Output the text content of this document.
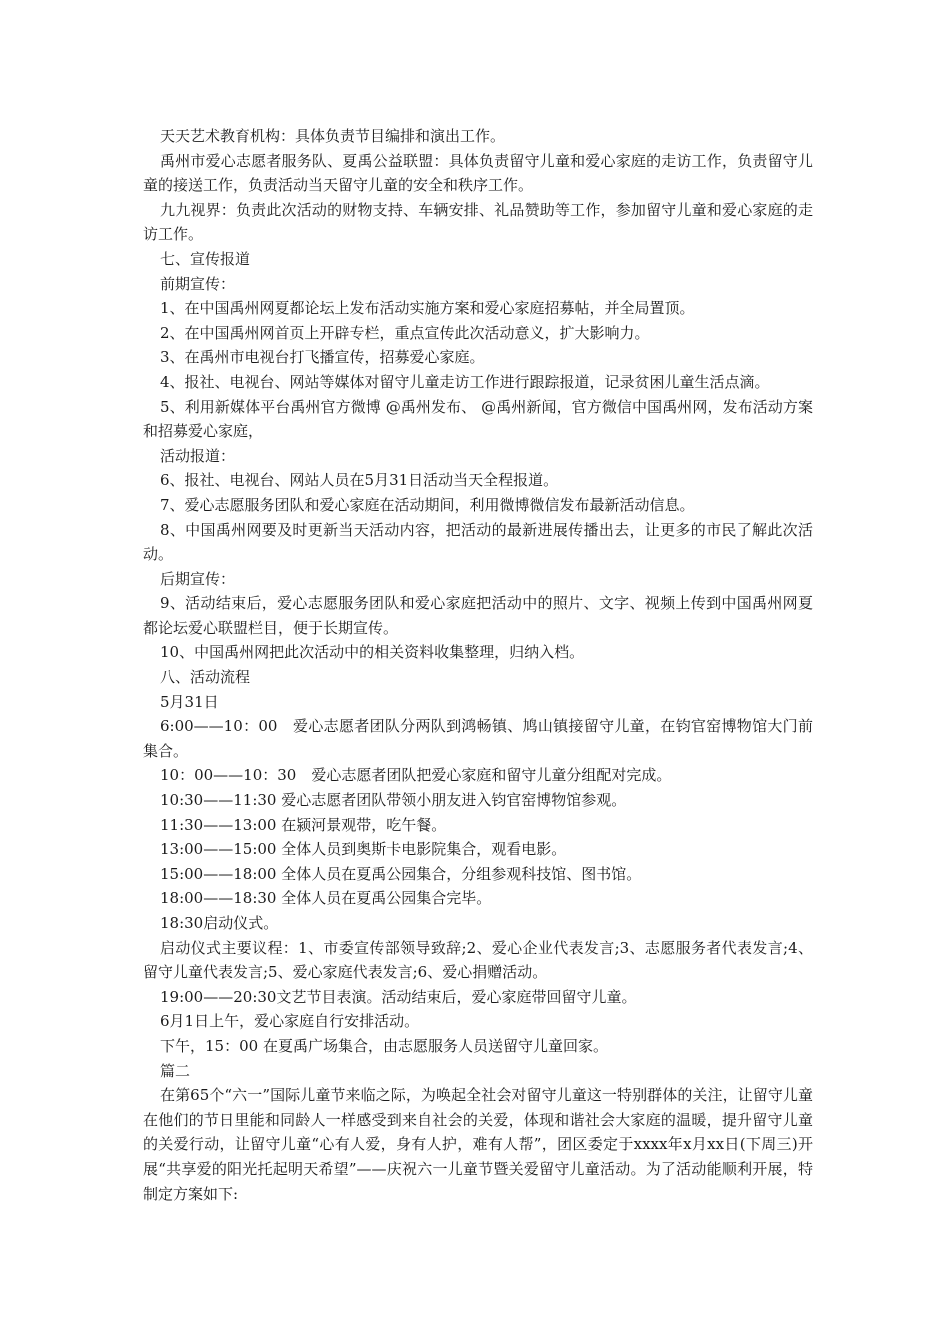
天天艺术教育机构：具体负责节目编排和演出工作。

禹州市爱心志愿者服务队、夏禹公益联盟：具体负责留守儿童和爱心家庭的走访工作，负责留守儿童的接送工作，负责活动当天留守儿童的安全和秩序工作。

九九视界：负责此次活动的财物支持、车辆安排、礼品赞助等工作，参加留守儿童和爱心家庭的走访工作。

七、宣传报道

前期宣传：

1、在中国禹州网夏都论坛上发布活动实施方案和爱心家庭招募帖，并全局置顶。

2、在中国禹州网首页上开辟专栏，重点宣传此次活动意义，扩大影响力。

3、在禹州市电视台打飞播宣传，招募爱心家庭。

4、报社、电视台、网站等媒体对留守儿童走访工作进行跟踪报道，记录贫困儿童生活点滴。

5、利用新媒体平台禹州官方微博 @禹州发布、 @禹州新闻，官方微信中国禹州网，发布活动方案和招募爱心家庭，

活动报道：

6、报社、电视台、网站人员在5月31日活动当天全程报道。

7、爱心志愿服务团队和爱心家庭在活动期间，利用微博微信发布最新活动信息。

8、中国禹州网要及时更新当天活动内容，把活动的最新进展传播出去，让更多的市民了解此次活动。

后期宣传：

9、活动结束后，爱心志愿服务团队和爱心家庭把活动中的照片、文字、视频上传到中国禹州网夏都论坛爱心联盟栏目，便于长期宣传。

10、中国禹州网把此次活动中的相关资料收集整理，归纳入档。

八、活动流程

5月31日

6:00——10：00　爱心志愿者团队分两队到鸿畅镇、鸠山镇接留守儿童，在钧官窑博物馆大门前集合。

10：00——10：30　爱心志愿者团队把爱心家庭和留守儿童分组配对完成。

10:30——11:30 爱心志愿者团队带领小朋友进入钧官窑博物馆参观。

11:30——13:00 在颍河景观带，吃午餐。

13:00——15:00 全体人员到奥斯卡电影院集合，观看电影。

15:00——18:00 全体人员在夏禹公园集合，分组参观科技馆、图书馆。

18:00——18:30 全体人员在夏禹公园集合完毕。

18:30启动仪式。

启动仪式主要议程：1、市委宣传部领导致辞;2、爱心企业代表发言;3、志愿服务者代表发言;4、留守儿童代表发言;5、爱心家庭代表发言;6、爱心捐赠活动。

19:00——20:30文艺节目表演。活动结束后，爱心家庭带回留守儿童。

6月1日上午，爱心家庭自行安排活动。

下午，15：00 在夏禹广场集合，由志愿服务人员送留守儿童回家。

篇二

在第65个“六一”国际儿童节来临之际，为唤起全社会对留守儿童这一特别群体的关注，让留守儿童在他们的节日里能和同龄人一样感受到来自社会的关爱，体现和谐社会大家庭的温暖，提升留守儿童的关爱行动，让留守儿童“心有人爱，身有人护，难有人帮”，团区委定于xxxx年x月xx日(下周三)开展“共享爱的阳光托起明天希望”——庆祝六一儿童节暨关爱留守儿童活动。为了活动能顺利开展，特制定方案如下:
